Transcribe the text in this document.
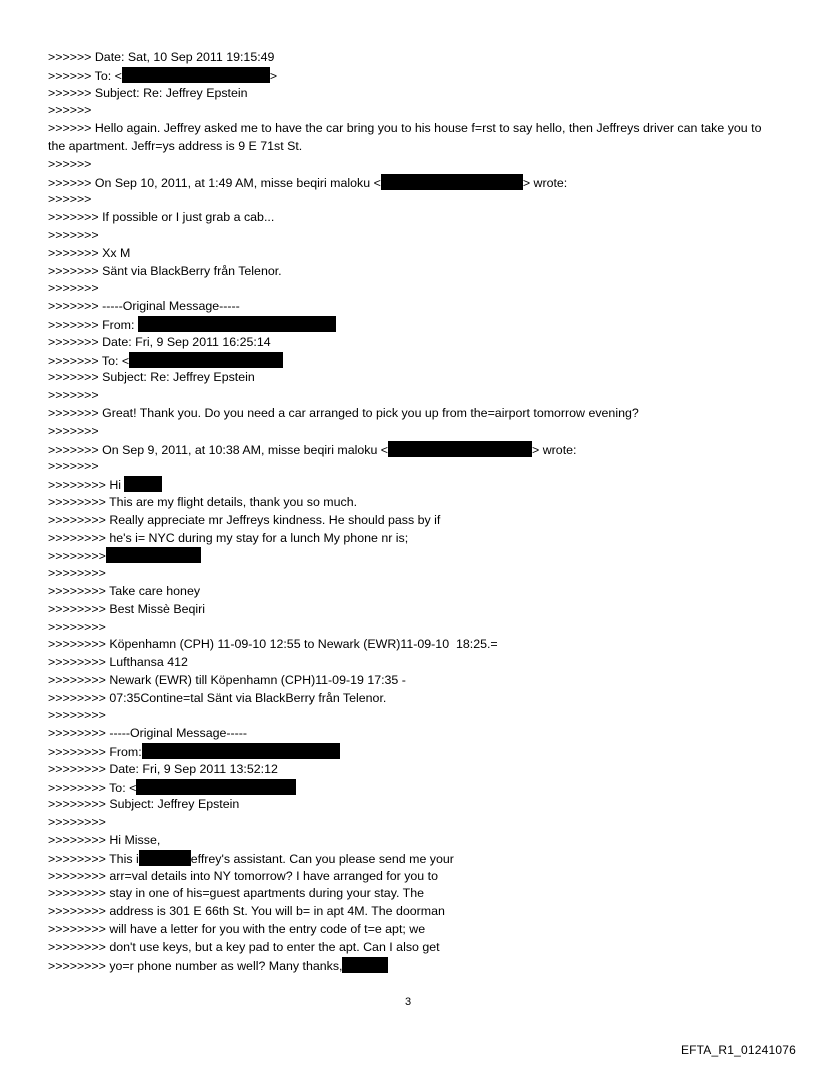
>>>>>> Date: Sat, 10 Sep 2011 19:15:49
>>>>>> To: <	>
>>>>>> Subject: Re: Jeffrey Epstein
>>>>>>
>>>>>> Hello again. Jeffrey asked me to have the car bring you to his house f=rst to say hello, then Jeffreys driver can take you to the apartment. Jeffr=ys address is 9 E 71st St.
>>>>>>
>>>>>> On Sep 10, 2011, at 1:49 AM, misse beqiri maloku <	> wrote:
>>>>>>
>>>>>>> If possible or I just grab a cab...
>>>>>>>
>>>>>>> Xx M
>>>>>>> Sänt via BlackBerry från Telenor.
>>>>>>>
>>>>>>> -----Original Message-----
>>>>>>> From:
>>>>>>> Date: Fri, 9 Sep 2011 16:25:14
>>>>>>> To: <
>>>>>>> Subject: Re: Jeffrey Epstein
>>>>>>>
>>>>>>> Great! Thank you. Do you need a car arranged to pick you up from the=airport tomorrow evening?
>>>>>>>
>>>>>>> On Sep 9, 2011, at 10:38 AM, misse beqiri maloku <	> wrote:
>>>>>>>
>>>>>>>> Hi
>>>>>>>> This are my flight details, thank you so much.
>>>>>>>> Really appreciate mr Jeffreys kindness. He should pass by if
>>>>>>>> he's i= NYC during my stay for a lunch My phone nr is;
>>>>>>>>
>>>>>>>>
>>>>>>>> Take care honey
>>>>>>>> Best Missè Beqiri
>>>>>>>>
>>>>>>>> Köpenhamn (CPH) 11-09-10 12:55 to Newark (EWR)11-09-10  18:25.=
>>>>>>>> Lufthansa 412
>>>>>>>> Newark (EWR) till Köpenhamn (CPH)11-09-19 17:35 -
>>>>>>>> 07:35Contine=tal Sänt via BlackBerry från Telenor.
>>>>>>>>
>>>>>>>> -----Original Message-----
>>>>>>>> From:
>>>>>>>> Date: Fri, 9 Sep 2011 13:52:12
>>>>>>>> To: <
>>>>>>>> Subject: Jeffrey Epstein
>>>>>>>>
>>>>>>>> Hi Misse,
>>>>>>>> This i	effrey's assistant. Can you please send me your
>>>>>>>> arr=val details into NY tomorrow? I have arranged for you to
>>>>>>>> stay in one of his=guest apartments during your stay. The
>>>>>>>> address is 301 E 66th St. You will b= in apt 4M. The doorman
>>>>>>>> will have a letter for you with the entry code of t=e apt; we
>>>>>>>> don't use keys, but a key pad to enter the apt. Can I also get
>>>>>>>> yo=r phone number as well? Many thanks,
3
EFTA_R1_01241076
